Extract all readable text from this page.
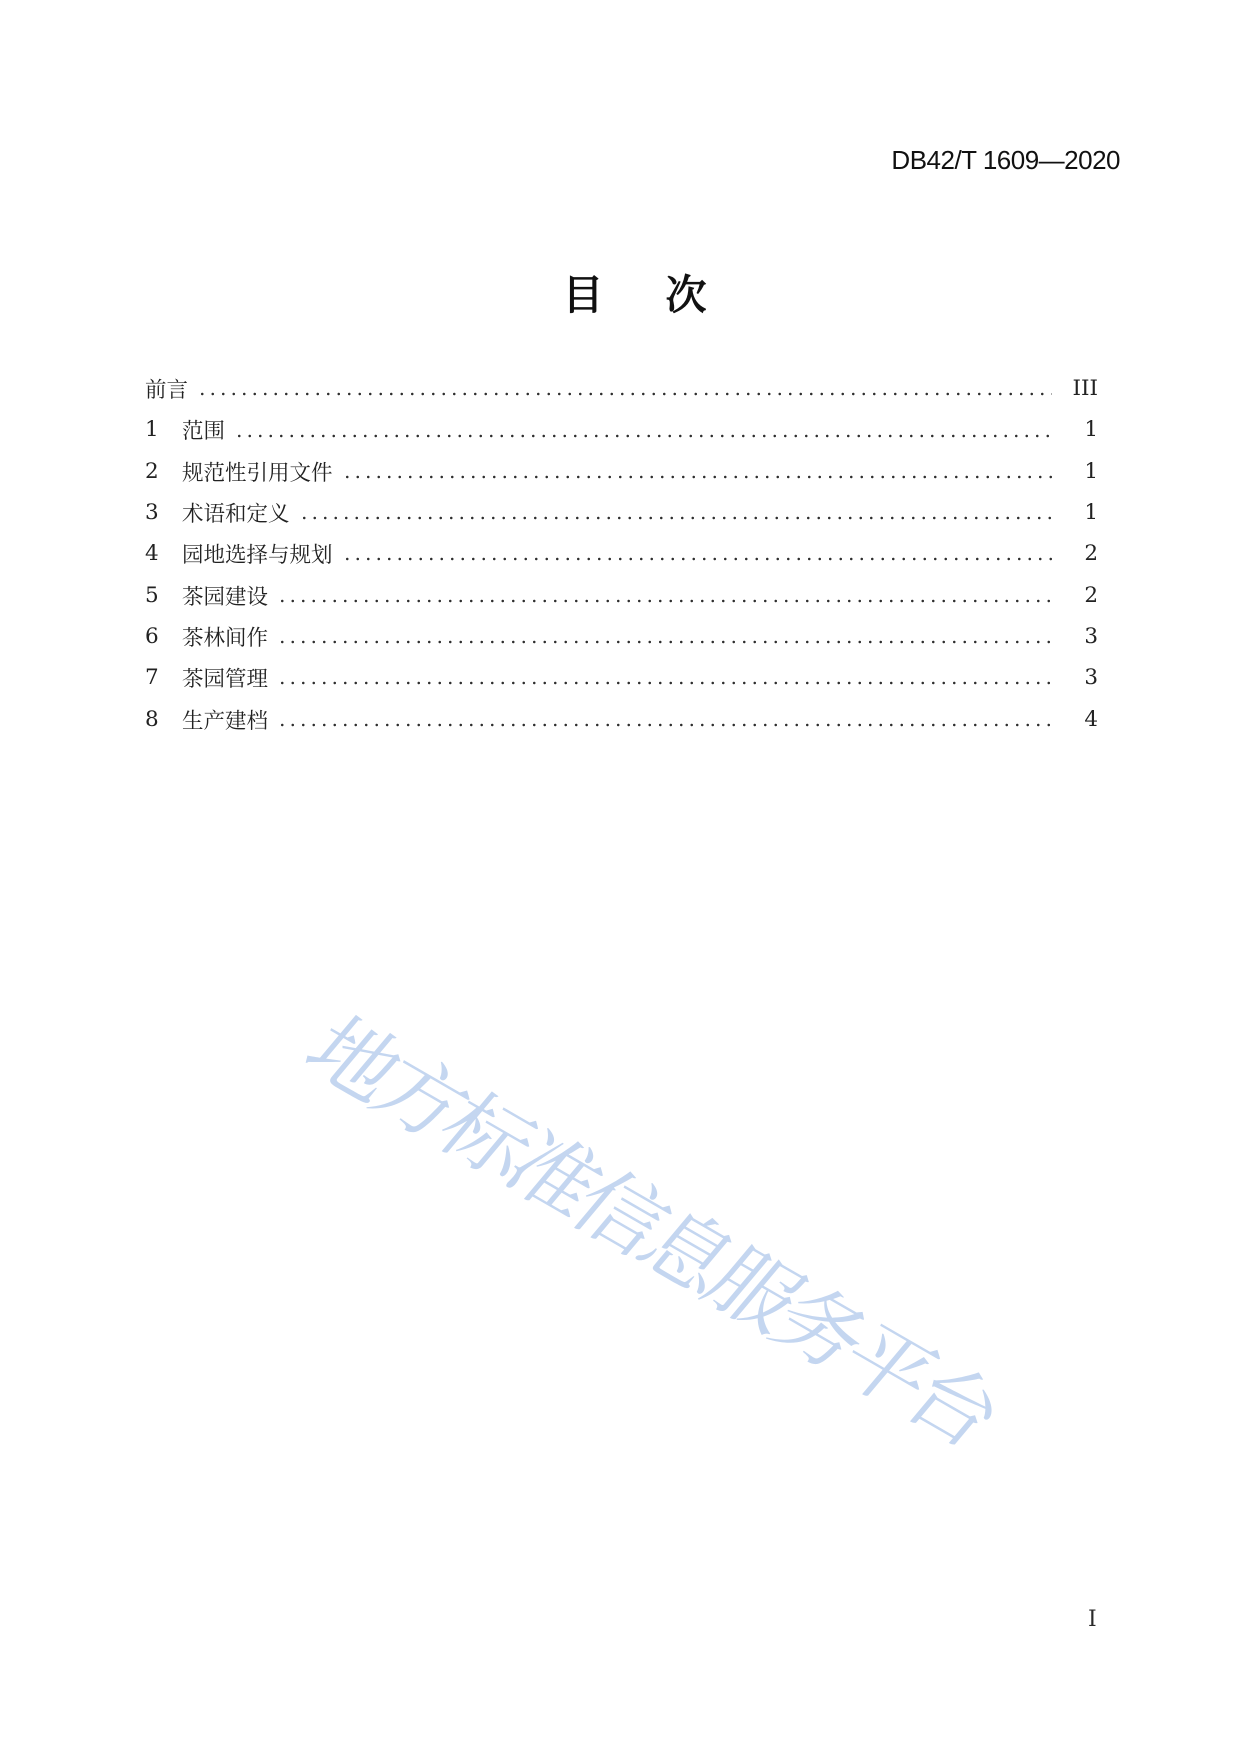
DB42/T 1609—2020
目 次
前言	III
1 范围	1
2 规范性引用文件	1
3 术语和定义	1
4 园地选择与规划	2
5 茶园建设	2
6 茶林间作	3
7 茶园管理	3
8 生产建档	4
地方标准信息服务平台
I
